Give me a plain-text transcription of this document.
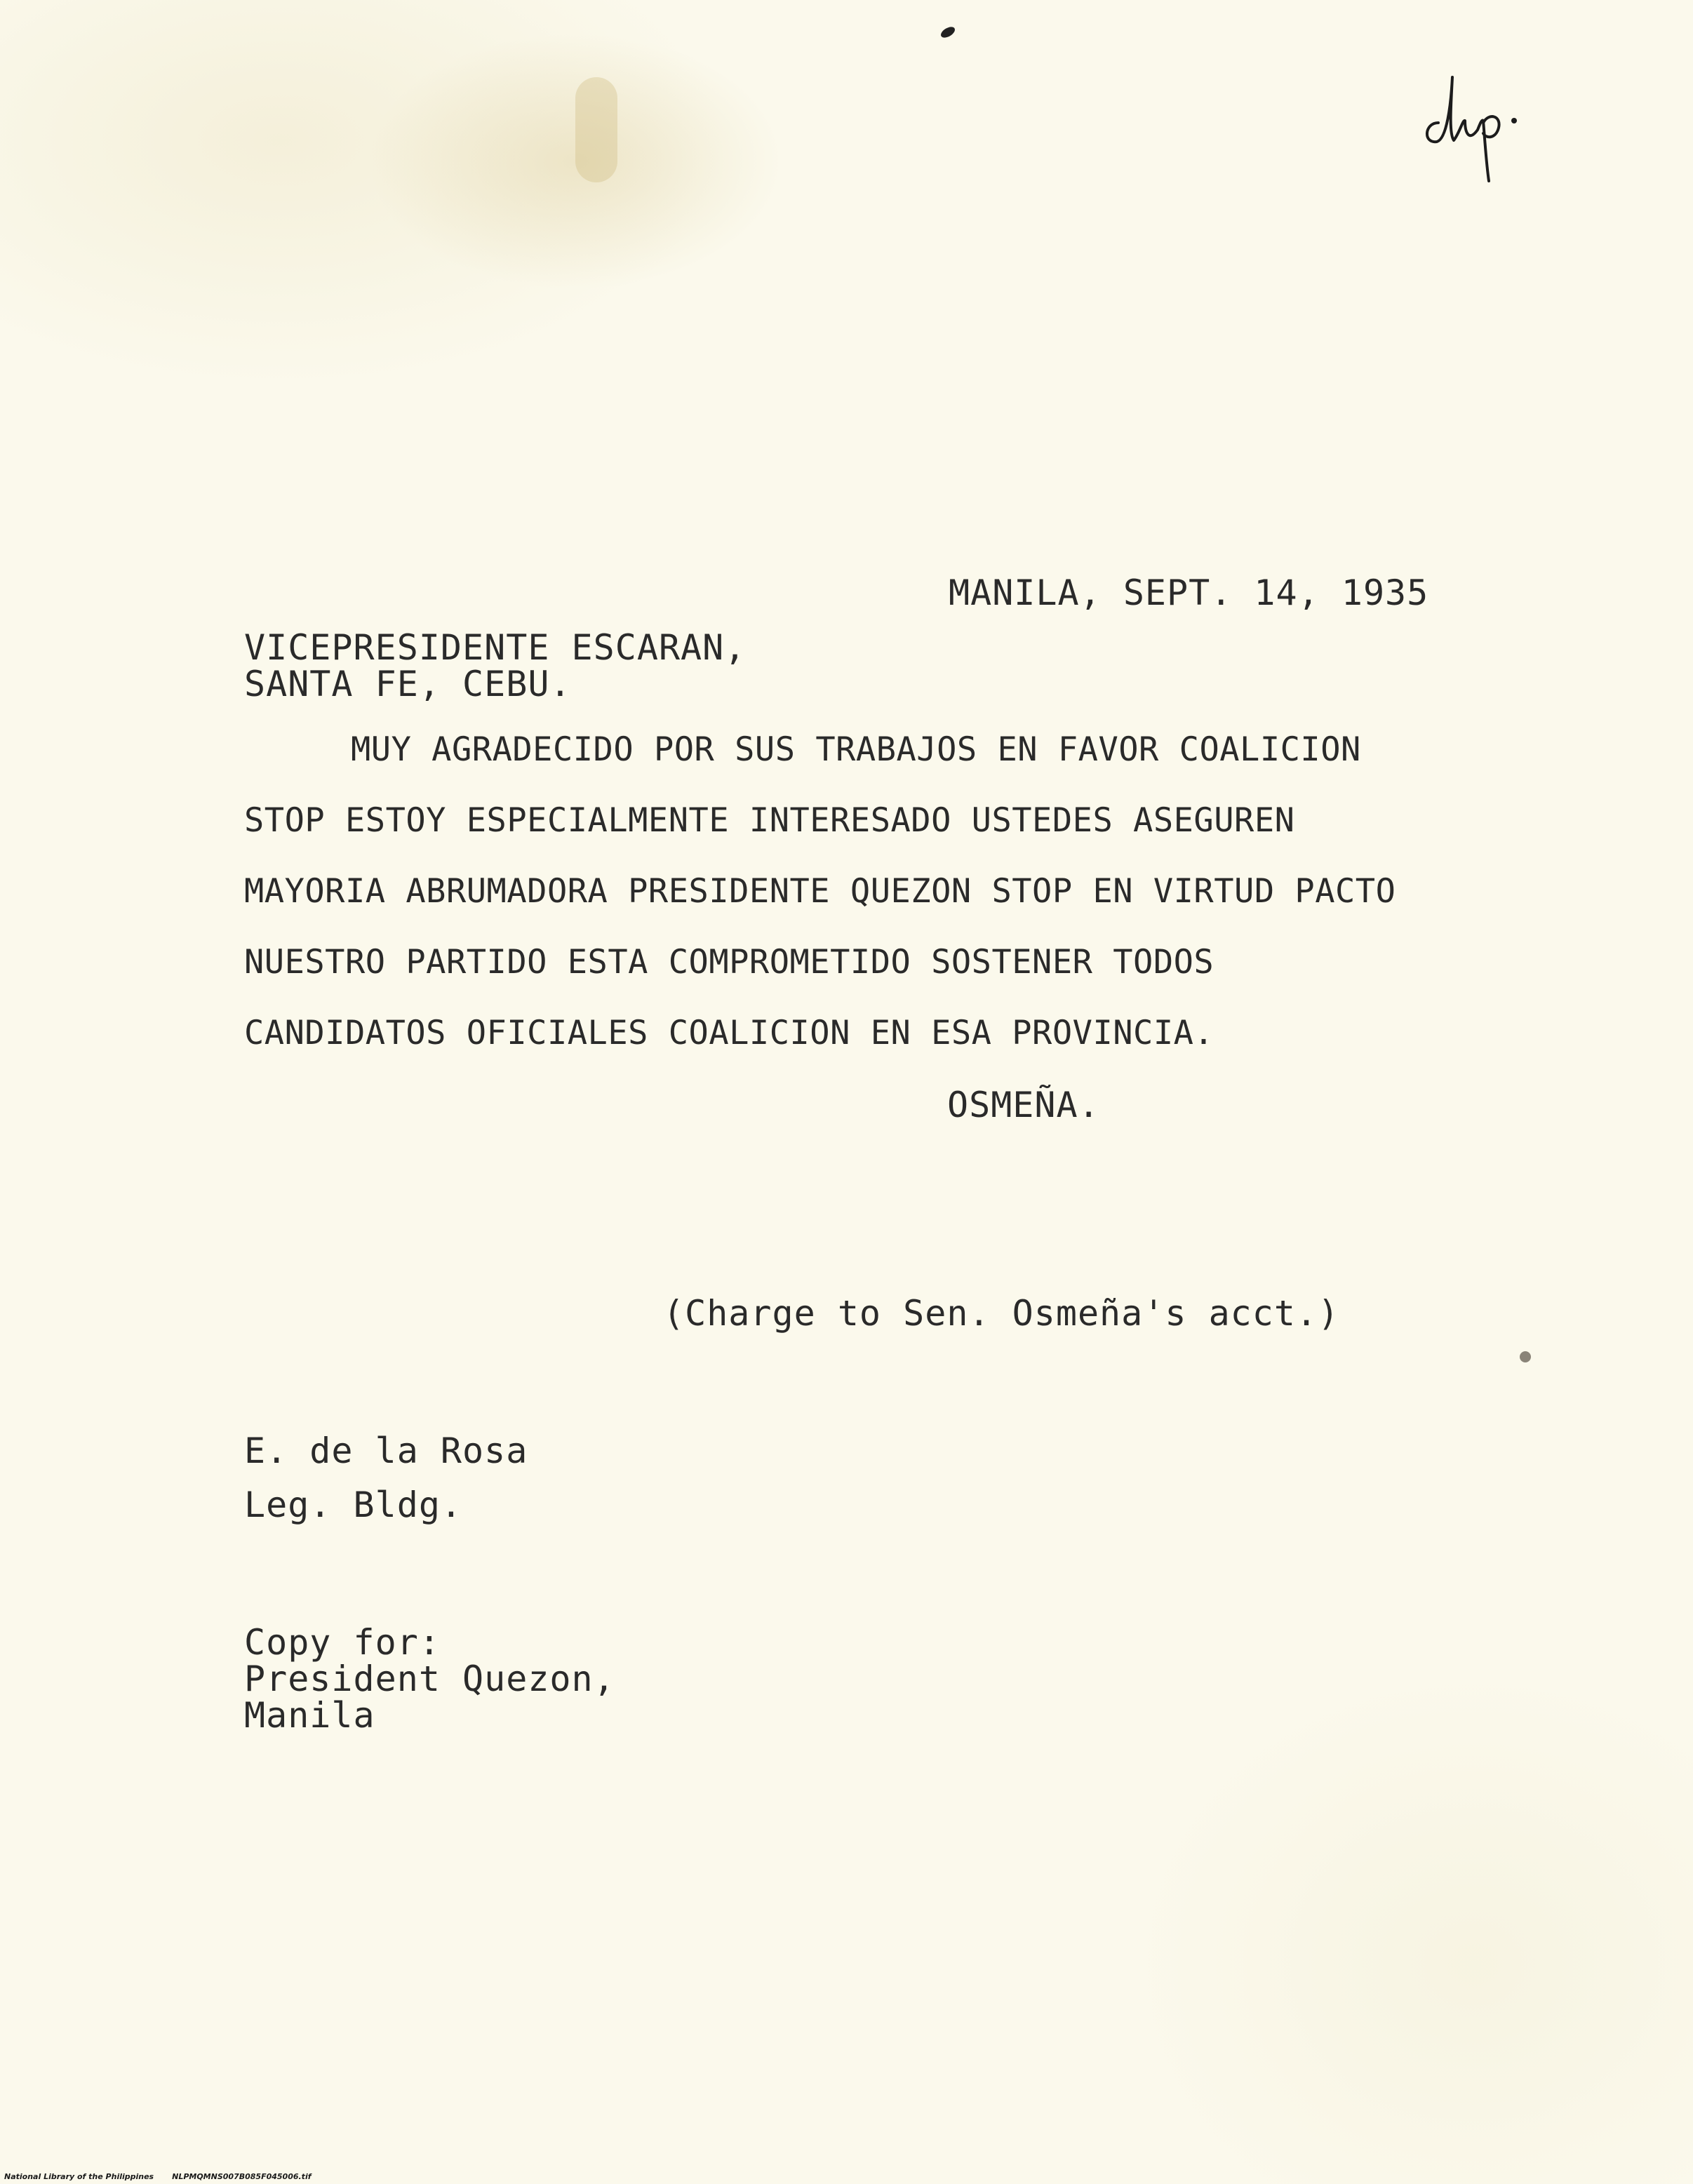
MANILA, SEPT. 14, 1935
VICEPRESIDENTE ESCARAN,
SANTA FE, CEBU.
MUY AGRADECIDO POR SUS TRABAJOS EN FAVOR COALICION
STOP ESTOY ESPECIALMENTE INTERESADO USTEDES ASEGUREN
MAYORIA ABRUMADORA PRESIDENTE QUEZON STOP EN VIRTUD PACTO
NUESTRO PARTIDO ESTA COMPROMETIDO SOSTENER TODOS
CANDIDATOS OFICIALES COALICION EN ESA PROVINCIA.
OSMEÑA.
(Charge to Sen. Osmeña's acct.)
E. de la Rosa
Leg. Bldg.
Copy for:
President Quezon,
Manila
National Library of the Philippines NLPMQMNS007B085F045006.tif
